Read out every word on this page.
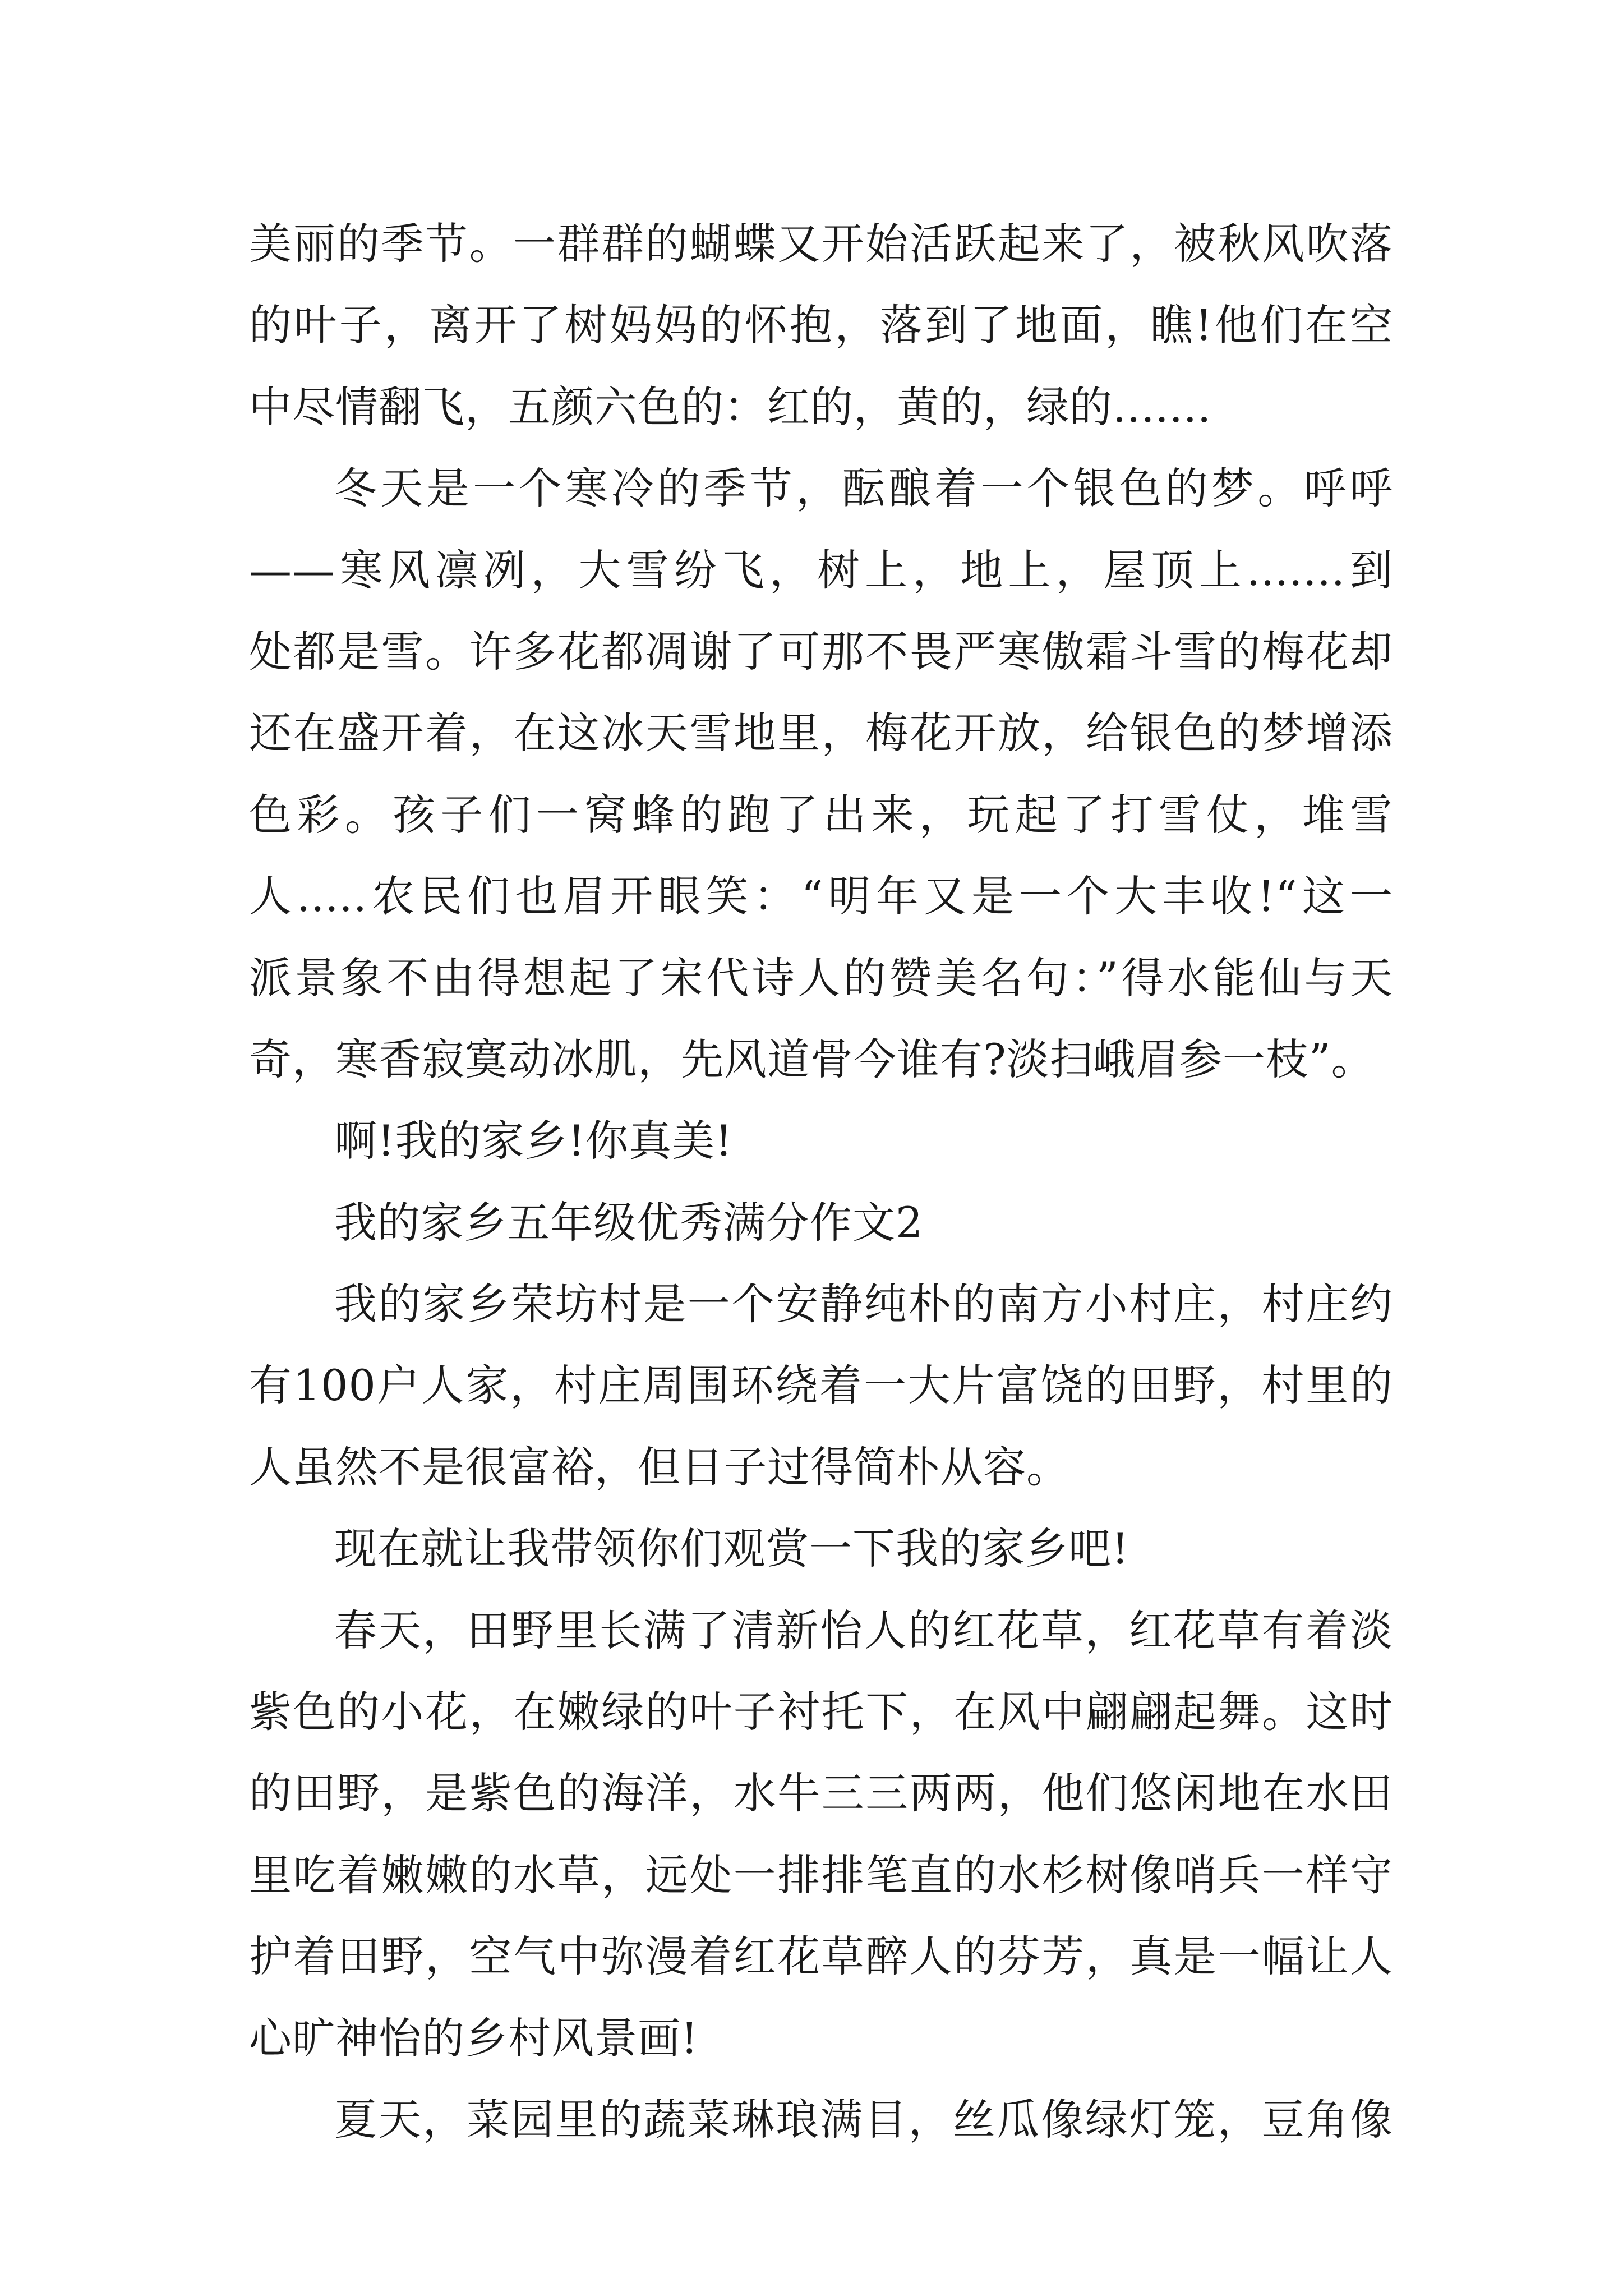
美丽的季节。一群群的蝴蝶又开始活跃起来了，被秋风吹落
的叶子，离开了树妈妈的怀抱，落到了地面，瞧!他们在空
中尽情翻飞，五颜六色的：红的，黄的，绿的.......
冬天是一个寒冷的季节，酝酿着一个银色的梦。呼呼
——寒风凛冽，大雪纷飞，树上，地上，屋顶上.......到
处都是雪。许多花都凋谢了可那不畏严寒傲霜斗雪的梅花却
还在盛开着，在这冰天雪地里，梅花开放，给银色的梦增添
色彩。孩子们一窝蜂的跑了出来，玩起了打雪仗，堆雪
人.....农民们也眉开眼笑：“明年又是一个大丰收!“这一
派景象不由得想起了宋代诗人的赞美名句：”得水能仙与天
奇，寒香寂寞动冰肌，先风道骨今谁有?淡扫峨眉参一枝”。
啊!我的家乡!你真美!
我的家乡五年级优秀满分作文2
我的家乡荣坊村是一个安静纯朴的南方小村庄，村庄约
有100户人家，村庄周围环绕着一大片富饶的田野，村里的
人虽然不是很富裕，但日子过得简朴从容。
现在就让我带领你们观赏一下我的家乡吧!
春天，田野里长满了清新怡人的红花草，红花草有着淡
紫色的小花，在嫩绿的叶子衬托下，在风中翩翩起舞。这时
的田野，是紫色的海洋，水牛三三两两，他们悠闲地在水田
里吃着嫩嫩的水草，远处一排排笔直的水杉树像哨兵一样守
护着田野，空气中弥漫着红花草醉人的芬芳，真是一幅让人
心旷神怡的乡村风景画!
夏天，菜园里的蔬菜琳琅满目，丝瓜像绿灯笼，豆角像
